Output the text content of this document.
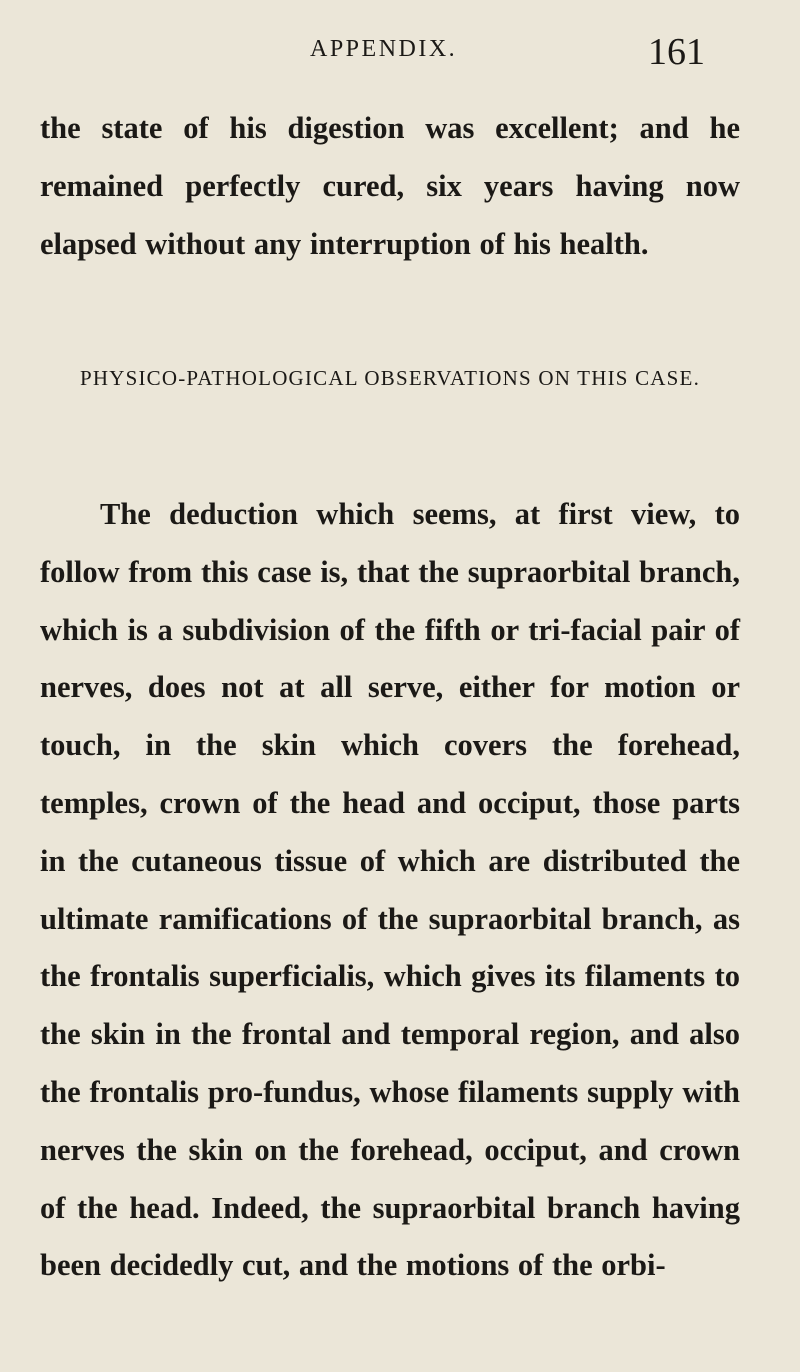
APPENDIX.	161

the state of his digestion was excellent; and he remained perfectly cured, six years having now elapsed without any interruption of his health.

PHYSICO-PATHOLOGICAL OBSERVATIONS ON THIS CASE.

The deduction which seems, at first view, to follow from this case is, that the supraorbital branch, which is a subdivision of the fifth or tri-facial pair of nerves, does not at all serve, either for motion or touch, in the skin which covers the forehead, temples, crown of the head and occiput, those parts in the cutaneous tissue of which are distributed the ultimate ramifications of the supraorbital branch, as the frontalis superficialis, which gives its filaments to the skin in the frontal and temporal region, and also the frontalis pro-fundus, whose filaments supply with nerves the skin on the forehead, occiput, and crown of the head. Indeed, the supraorbital branch having been decidedly cut, and the motions of the orbi-
